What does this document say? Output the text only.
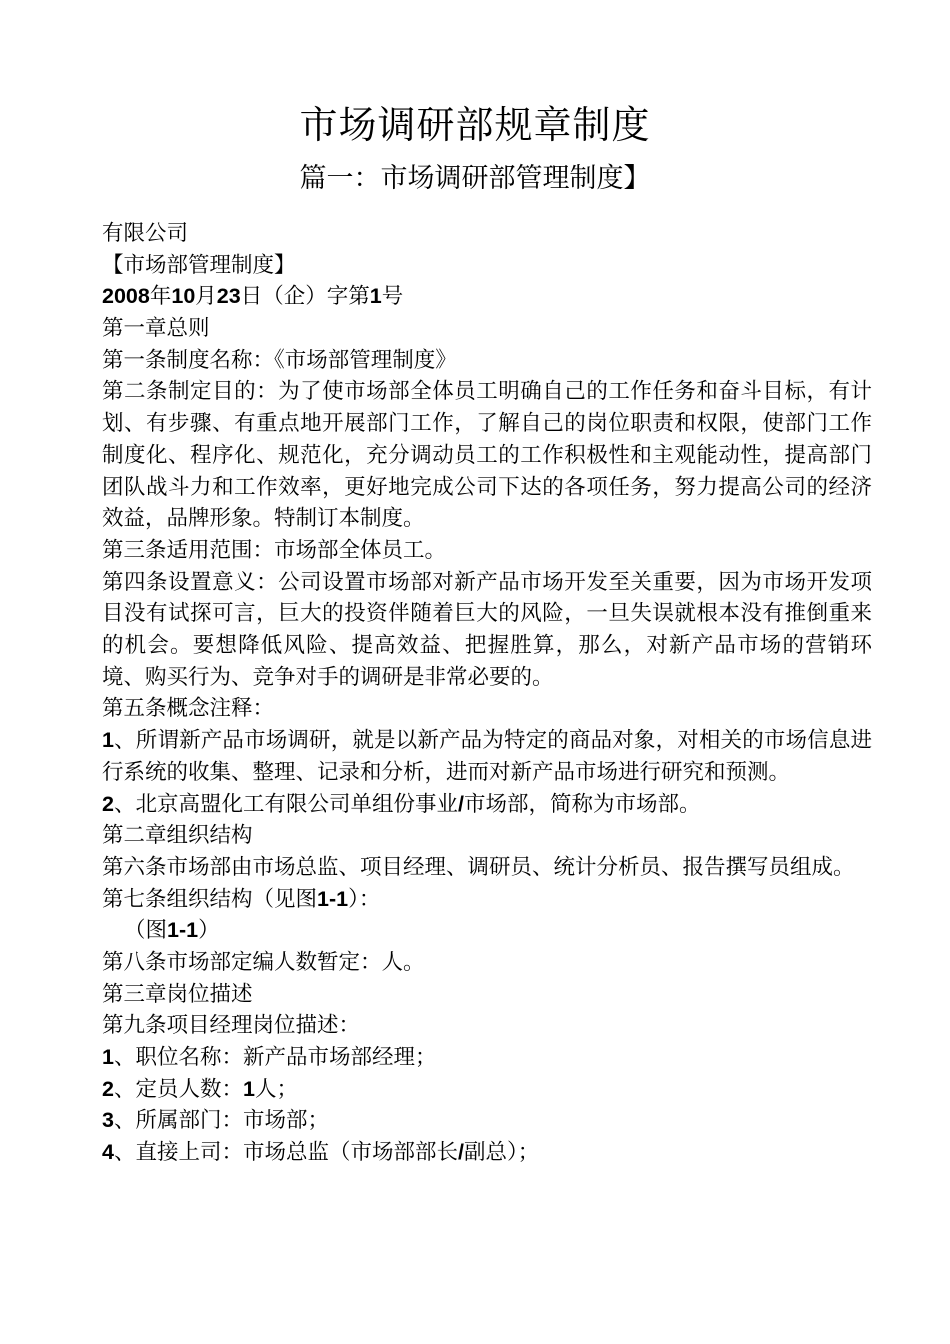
市场调研部规章制度
篇一：市场调研部管理制度】
有限公司
【市场部管理制度】
2008年10月23日（企）字第1号
第一章总则
第一条制度名称：《市场部管理制度》
第二条制定目的：为了使市场部全体员工明确自己的工作任务和奋斗目标，有计划、有步骤、有重点地开展部门工作，了解自己的岗位职责和权限，使部门工作制度化、程序化、规范化，充分调动员工的工作积极性和主观能动性，提高部门团队战斗力和工作效率，更好地完成公司下达的各项任务，努力提高公司的经济效益，品牌形象。特制订本制度。
第三条适用范围：市场部全体员工。
第四条设置意义：公司设置市场部对新产品市场开发至关重要，因为市场开发项目没有试探可言，巨大的投资伴随着巨大的风险，一旦失误就根本没有推倒重来的机会。要想降低风险、提高效益、把握胜算，那么，对新产品市场的营销环境、购买行为、竞争对手的调研是非常必要的。
第五条概念注释：
1、所谓新产品市场调研，就是以新产品为特定的商品对象，对相关的市场信息进行系统的收集、整理、记录和分析，进而对新产品市场进行研究和预测。
2、北京高盟化工有限公司单组份事业/市场部，简称为市场部。
第二章组织结构
第六条市场部由市场总监、项目经理、调研员、统计分析员、报告撰写员组成。
第七条组织结构（见图1-1）：
（图1-1）
第八条市场部定编人数暂定：人。
第三章岗位描述
第九条项目经理岗位描述：
1、职位名称：新产品市场部经理；
2、定员人数：1人；
3、所属部门：市场部；
4、直接上司：市场总监（市场部部长/副总）；
